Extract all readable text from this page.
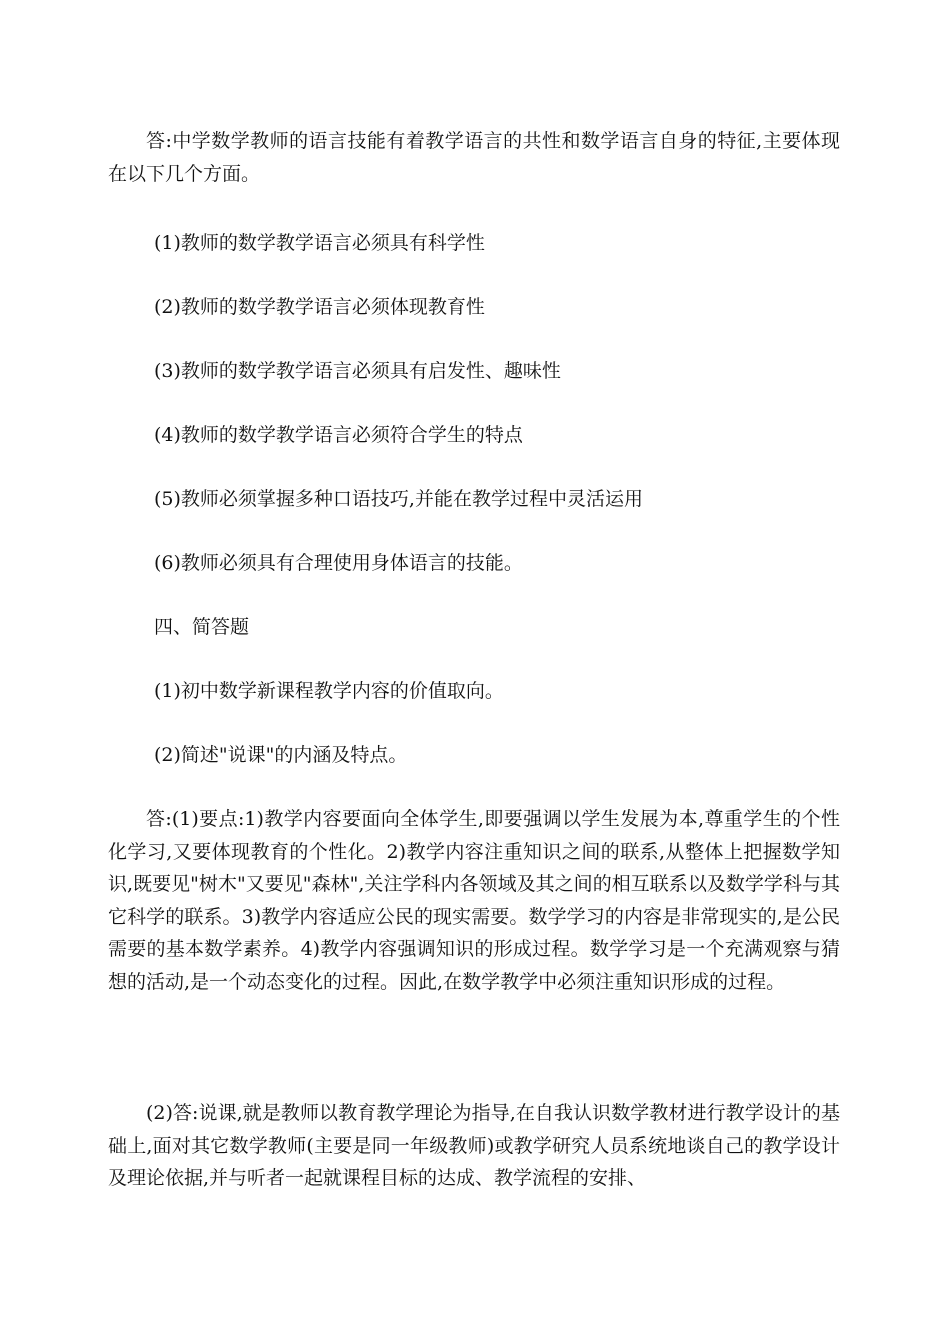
答:中学数学教师的语言技能有着教学语言的共性和数学语言自身的特征,主要体现在以下几个方面。

(1)教师的数学教学语言必须具有科学性

(2)教师的数学教学语言必须体现教育性

(3)教师的数学教学语言必须具有启发性、趣味性

(4)教师的数学教学语言必须符合学生的特点

(5)教师必须掌握多种口语技巧,并能在教学过程中灵活运用

(6)教师必须具有合理使用身体语言的技能。

四、简答题

(1)初中数学新课程教学内容的价值取向。

(2)简述"说课"的内涵及特点。

答:(1)要点:1)教学内容要面向全体学生,即要强调以学生发展为本,尊重学生的个性化学习,又要体现教育的个性化。2)教学内容注重知识之间的联系,从整体上把握数学知识,既要见"树木"又要见"森林",关注学科内各领域及其之间的相互联系以及数学学科与其它科学的联系。3)教学内容适应公民的现实需要。数学学习的内容是非常现实的,是公民需要的基本数学素养。4)教学内容强调知识的形成过程。数学学习是一个充满观察与猜想的活动,是一个动态变化的过程。因此,在数学教学中必须注重知识形成的过程。

(2)答:说课,就是教师以教育教学理论为指导,在自我认识数学教材进行教学设计的基础上,面对其它数学教师(主要是同一年级教师)或教学研究人员系统地谈自己的教学设计及理论依据,并与听者一起就课程目标的达成、教学流程的安排、
